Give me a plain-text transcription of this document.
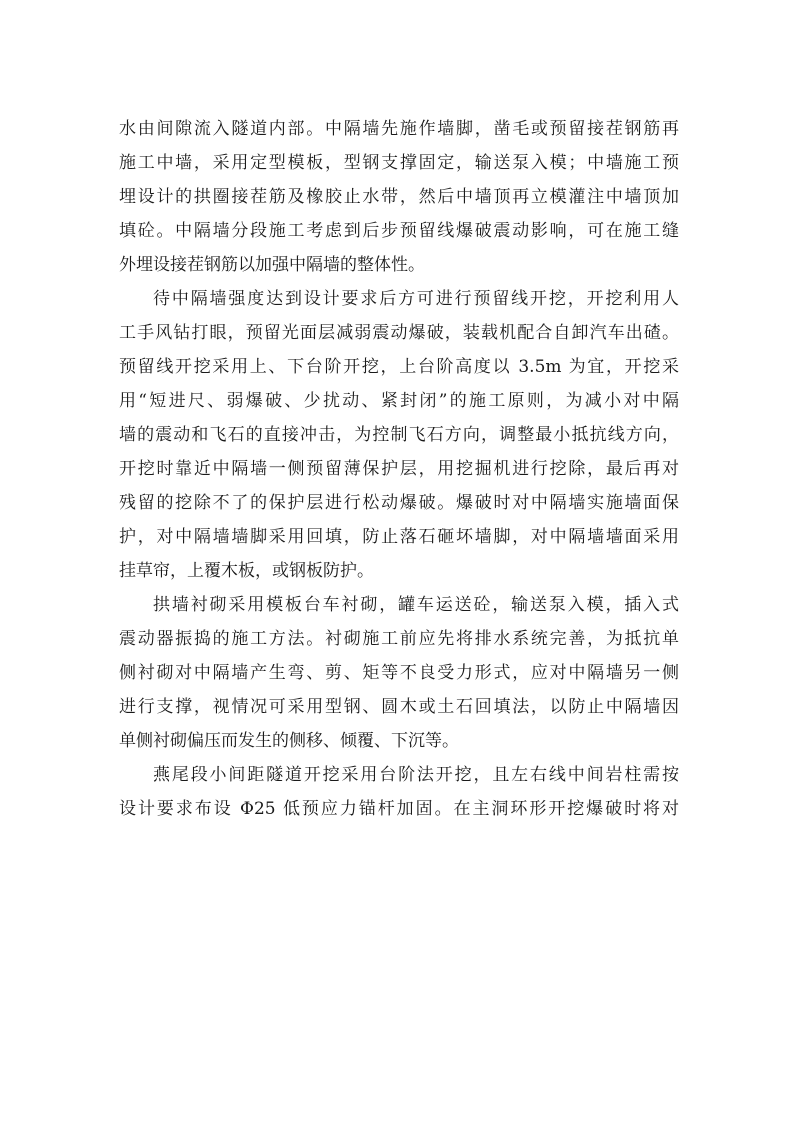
水由间隙流入隧道内部。中隔墙先施作墙脚，凿毛或预留接茬钢筋再
施工中墙，采用定型模板，型钢支撑固定，输送泵入模；中墙施工预
埋设计的拱圈接茬筋及橡胶止水带，然后中墙顶再立模灌注中墙顶加
填砼。中隔墙分段施工考虑到后步预留线爆破震动影响，可在施工缝
外埋设接茬钢筋以加强中隔墙的整体性。
待中隔墙强度达到设计要求后方可进行预留线开挖，开挖利用人
工手风钻打眼，预留光面层减弱震动爆破，装载机配合自卸汽车出碴。
预留线开挖采用上、下台阶开挖，上台阶高度以 3.5m 为宜，开挖采
用“短进尺、弱爆破、少扰动、紧封闭”的施工原则，为减小对中隔
墙的震动和飞石的直接冲击，为控制飞石方向，调整最小抵抗线方向，
开挖时靠近中隔墙一侧预留薄保护层，用挖掘机进行挖除，最后再对
残留的挖除不了的保护层进行松动爆破。爆破时对中隔墙实施墙面保
护，对中隔墙墙脚采用回填，防止落石砸坏墙脚，对中隔墙墙面采用
挂草帘，上覆木板，或钢板防护。
拱墙衬砌采用模板台车衬砌，罐车运送砼，输送泵入模，插入式
震动器振捣的施工方法。衬砌施工前应先将排水系统完善，为抵抗单
侧衬砌对中隔墙产生弯、剪、矩等不良受力形式，应对中隔墙另一侧
进行支撑，视情况可采用型钢、圆木或土石回填法，以防止中隔墙因
单侧衬砌偏压而发生的侧移、倾覆、下沉等。
燕尾段小间距隧道开挖采用台阶法开挖，且左右线中间岩柱需按
设计要求布设 Φ25 低预应力锚杆加固。在主洞环形开挖爆破时将对
